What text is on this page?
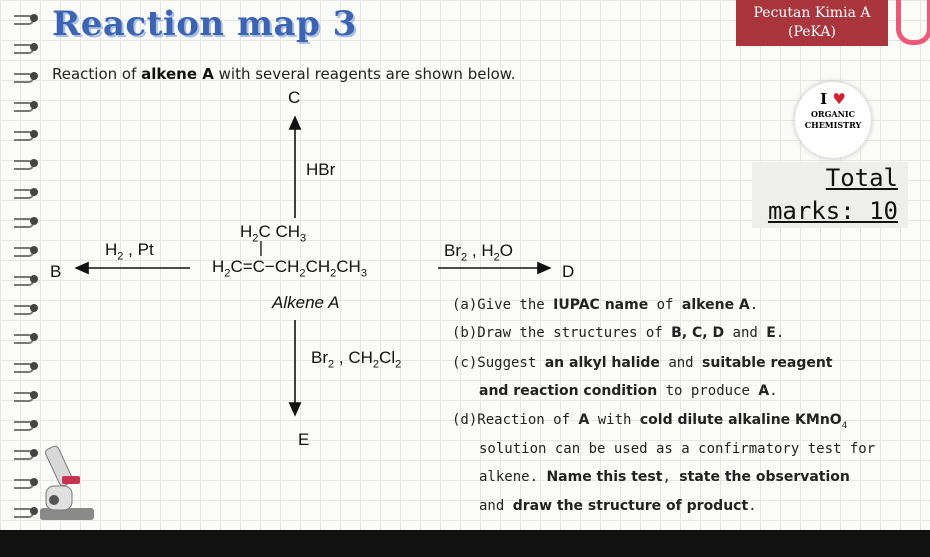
Reaction map 3	Pecutan Kimia A
(PeKA)
I ♥
ORGANIC
CHEMISTRY
Total
marks: 10
Reaction of alkene A with several reagents are shown below.
C
HBr
B
$H_2$ , Pt	$Br_2$ , $H_2O$
D
$Br_2$ , $CH_2Cl_2$
E
$H_2C$ $CH_3$
$H_2C=C-CH_2CH_2CH_3$
Alkene A	(a)Give the IUPAC name of alkene A.
(b)Draw the structures of B, C, D and E.
(c)Suggest an alkyl halide and suitable reagent
and reaction condition to produce A.
(d)Reaction of A with cold dilute alkaline KMnO$_4$
solution can be used as a confirmatory test for
alkene. Name this test, state the observation
and draw the structure of product.
